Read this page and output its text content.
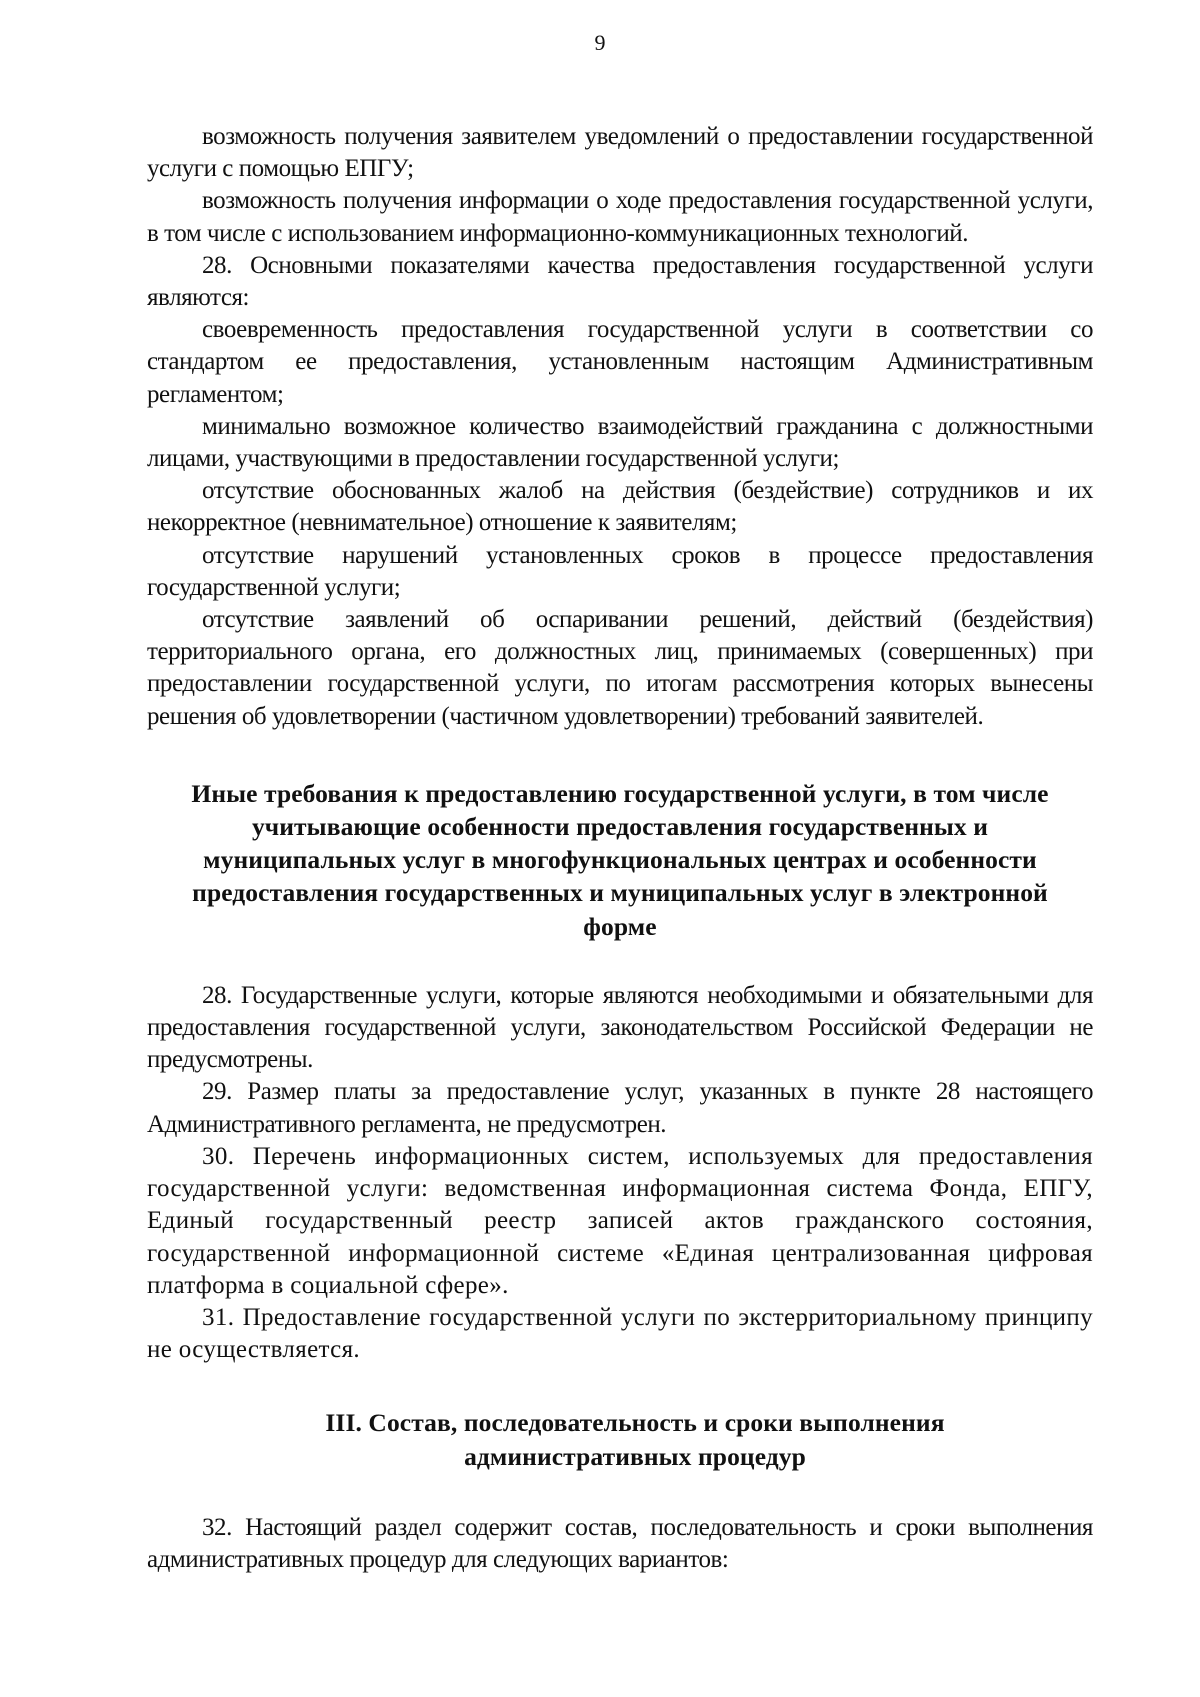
9

возможность получения заявителем уведомлений о предоставлении государственной услуги с помощью ЕПГУ;

возможность получения информации о ходе предоставления государственной услуги, в том числе с использованием информационно-коммуникационных технологий.

28. Основными показателями качества предоставления государственной услуги являются:

своевременность предоставления государственной услуги в соответствии со стандартом ее предоставления, установленным настоящим Административным регламентом;

минимально возможное количество взаимодействий гражданина с должностными лицами, участвующими в предоставлении государственной услуги;

отсутствие обоснованных жалоб на действия (бездействие) сотрудников и их некорректное (невнимательное) отношение к заявителям;

отсутствие нарушений установленных сроков в процессе предоставления государственной услуги;

отсутствие заявлений об оспаривании решений, действий (бездействия) территориального органа, его должностных лиц, принимаемых (совершенных) при предоставлении государственной услуги, по итогам рассмотрения которых вынесены решения об удовлетворении (частичном удовлетворении) требований заявителей.

Иные требования к предоставлению государственной услуги, в том числе учитывающие особенности предоставления государственных и муниципальных услуг в многофункциональных центрах и особенности предоставления государственных и муниципальных услуг в электронной форме

28. Государственные услуги, которые являются необходимыми и обязательными для предоставления государственной услуги, законодательством Российской Федерации не предусмотрены.

29. Размер платы за предоставление услуг, указанных в пункте 28 настоящего Административного регламента, не предусмотрен.

30. Перечень информационных систем, используемых для предоставления государственной услуги: ведомственная информационная система Фонда, ЕПГУ, Единый государственный реестр записей актов гражданского состояния, государственной информационной системе «Единая централизованная цифровая платформа в социальной сфере».

31. Предоставление государственной услуги по экстерриториальному принципу не осуществляется.

III. Состав, последовательность и сроки выполнения административных процедур

32. Настоящий раздел содержит состав, последовательность и сроки выполнения административных процедур для следующих вариантов:
